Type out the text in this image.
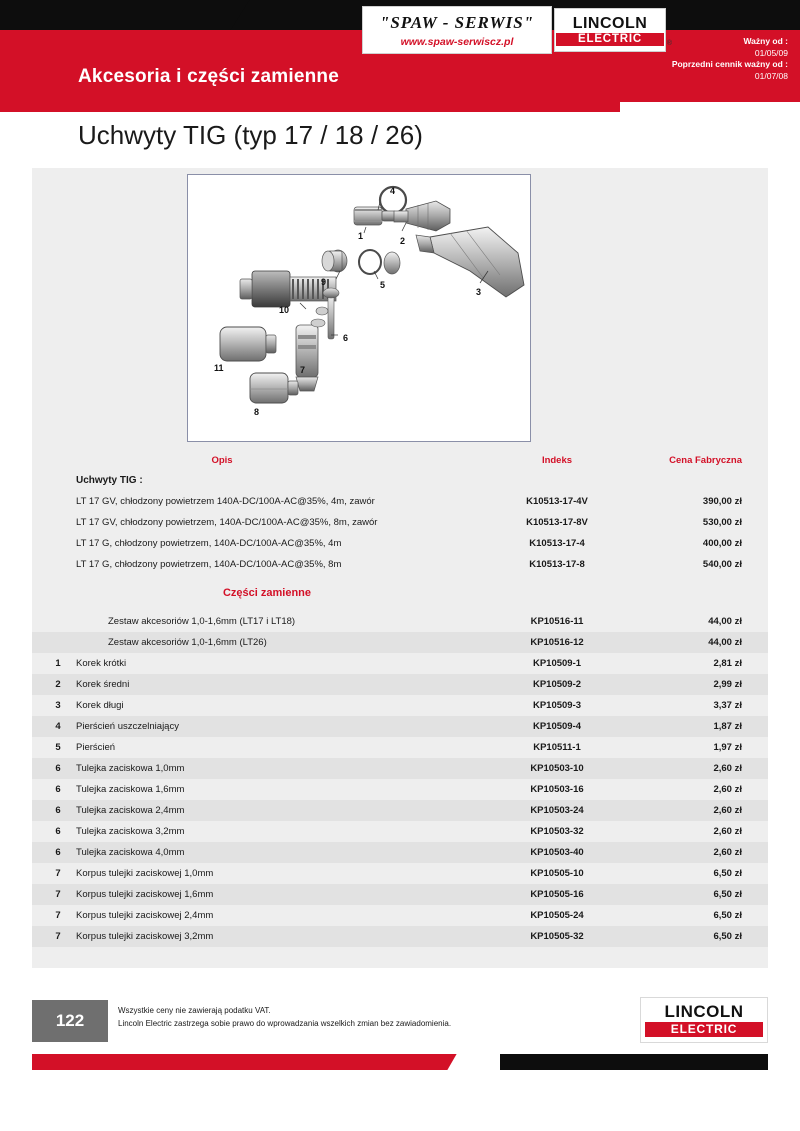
Akcesoria i części zamienne
"SPAW - SERWIS"
www.spaw-serwiscz.pl
LINCOLN
ELECTRIC	®	Ważny od :
01/05/09
Poprzedni cennik ważny od :
01/07/08
Uchwyty TIG (typ 17 / 18 / 26)
4
1	2
3
9	5
6
10
7
11
8
Opis	Indeks	Cena Fabryczna
Uchwyty TIG :
LT 17 GV, chłodzony powietrzem 140A-DC/100A-AC@35%, 4m, zawór	K10513-17-4V	390,00 zł
LT 17 GV, chłodzony powietrzem, 140A-DC/100A-AC@35%, 8m, zawór	K10513-17-8V	530,00 zł
LT 17 G, chłodzony powietrzem, 140A-DC/100A-AC@35%, 4m	K10513-17-4	400,00 zł
LT 17 G, chłodzony powietrzem, 140A-DC/100A-AC@35%, 8m	K10513-17-8	540,00 zł
Części zamienne
Zestaw akcesoriów 1,0-1,6mm (LT17 i LT18)	KP10516-11	44,00 zł
Zestaw akcesoriów 1,0-1,6mm (LT26)	KP10516-12	44,00 zł
1	Korek krótki	KP10509-1	2,81 zł
2	Korek średni	KP10509-2	2,99 zł
3	Korek długi	KP10509-3	3,37 zł
4	Pierścień uszczelniający	KP10509-4	1,87 zł
5	Pierścień	KP10511-1	1,97 zł
6	Tulejka zaciskowa 1,0mm	KP10503-10	2,60 zł
6	Tulejka zaciskowa 1,6mm	KP10503-16	2,60 zł
6	Tulejka zaciskowa 2,4mm	KP10503-24	2,60 zł
6	Tulejka zaciskowa 3,2mm	KP10503-32	2,60 zł
6	Tulejka zaciskowa 4,0mm	KP10503-40	2,60 zł
7	Korpus tulejki zaciskowej 1,0mm	KP10505-10	6,50 zł
7	Korpus tulejki zaciskowej 1,6mm	KP10505-16	6,50 zł
7	Korpus tulejki zaciskowej 2,4mm	KP10505-24	6,50 zł
7	Korpus tulejki zaciskowej 3,2mm	KP10505-32	6,50 zł
122
Wszystkie ceny nie zawierają podatku VAT.
Lincoln Electric zastrzega sobie prawo do wprowadzania wszelkich zmian bez zawiadomienia.
LINCOLN
ELECTRIC
